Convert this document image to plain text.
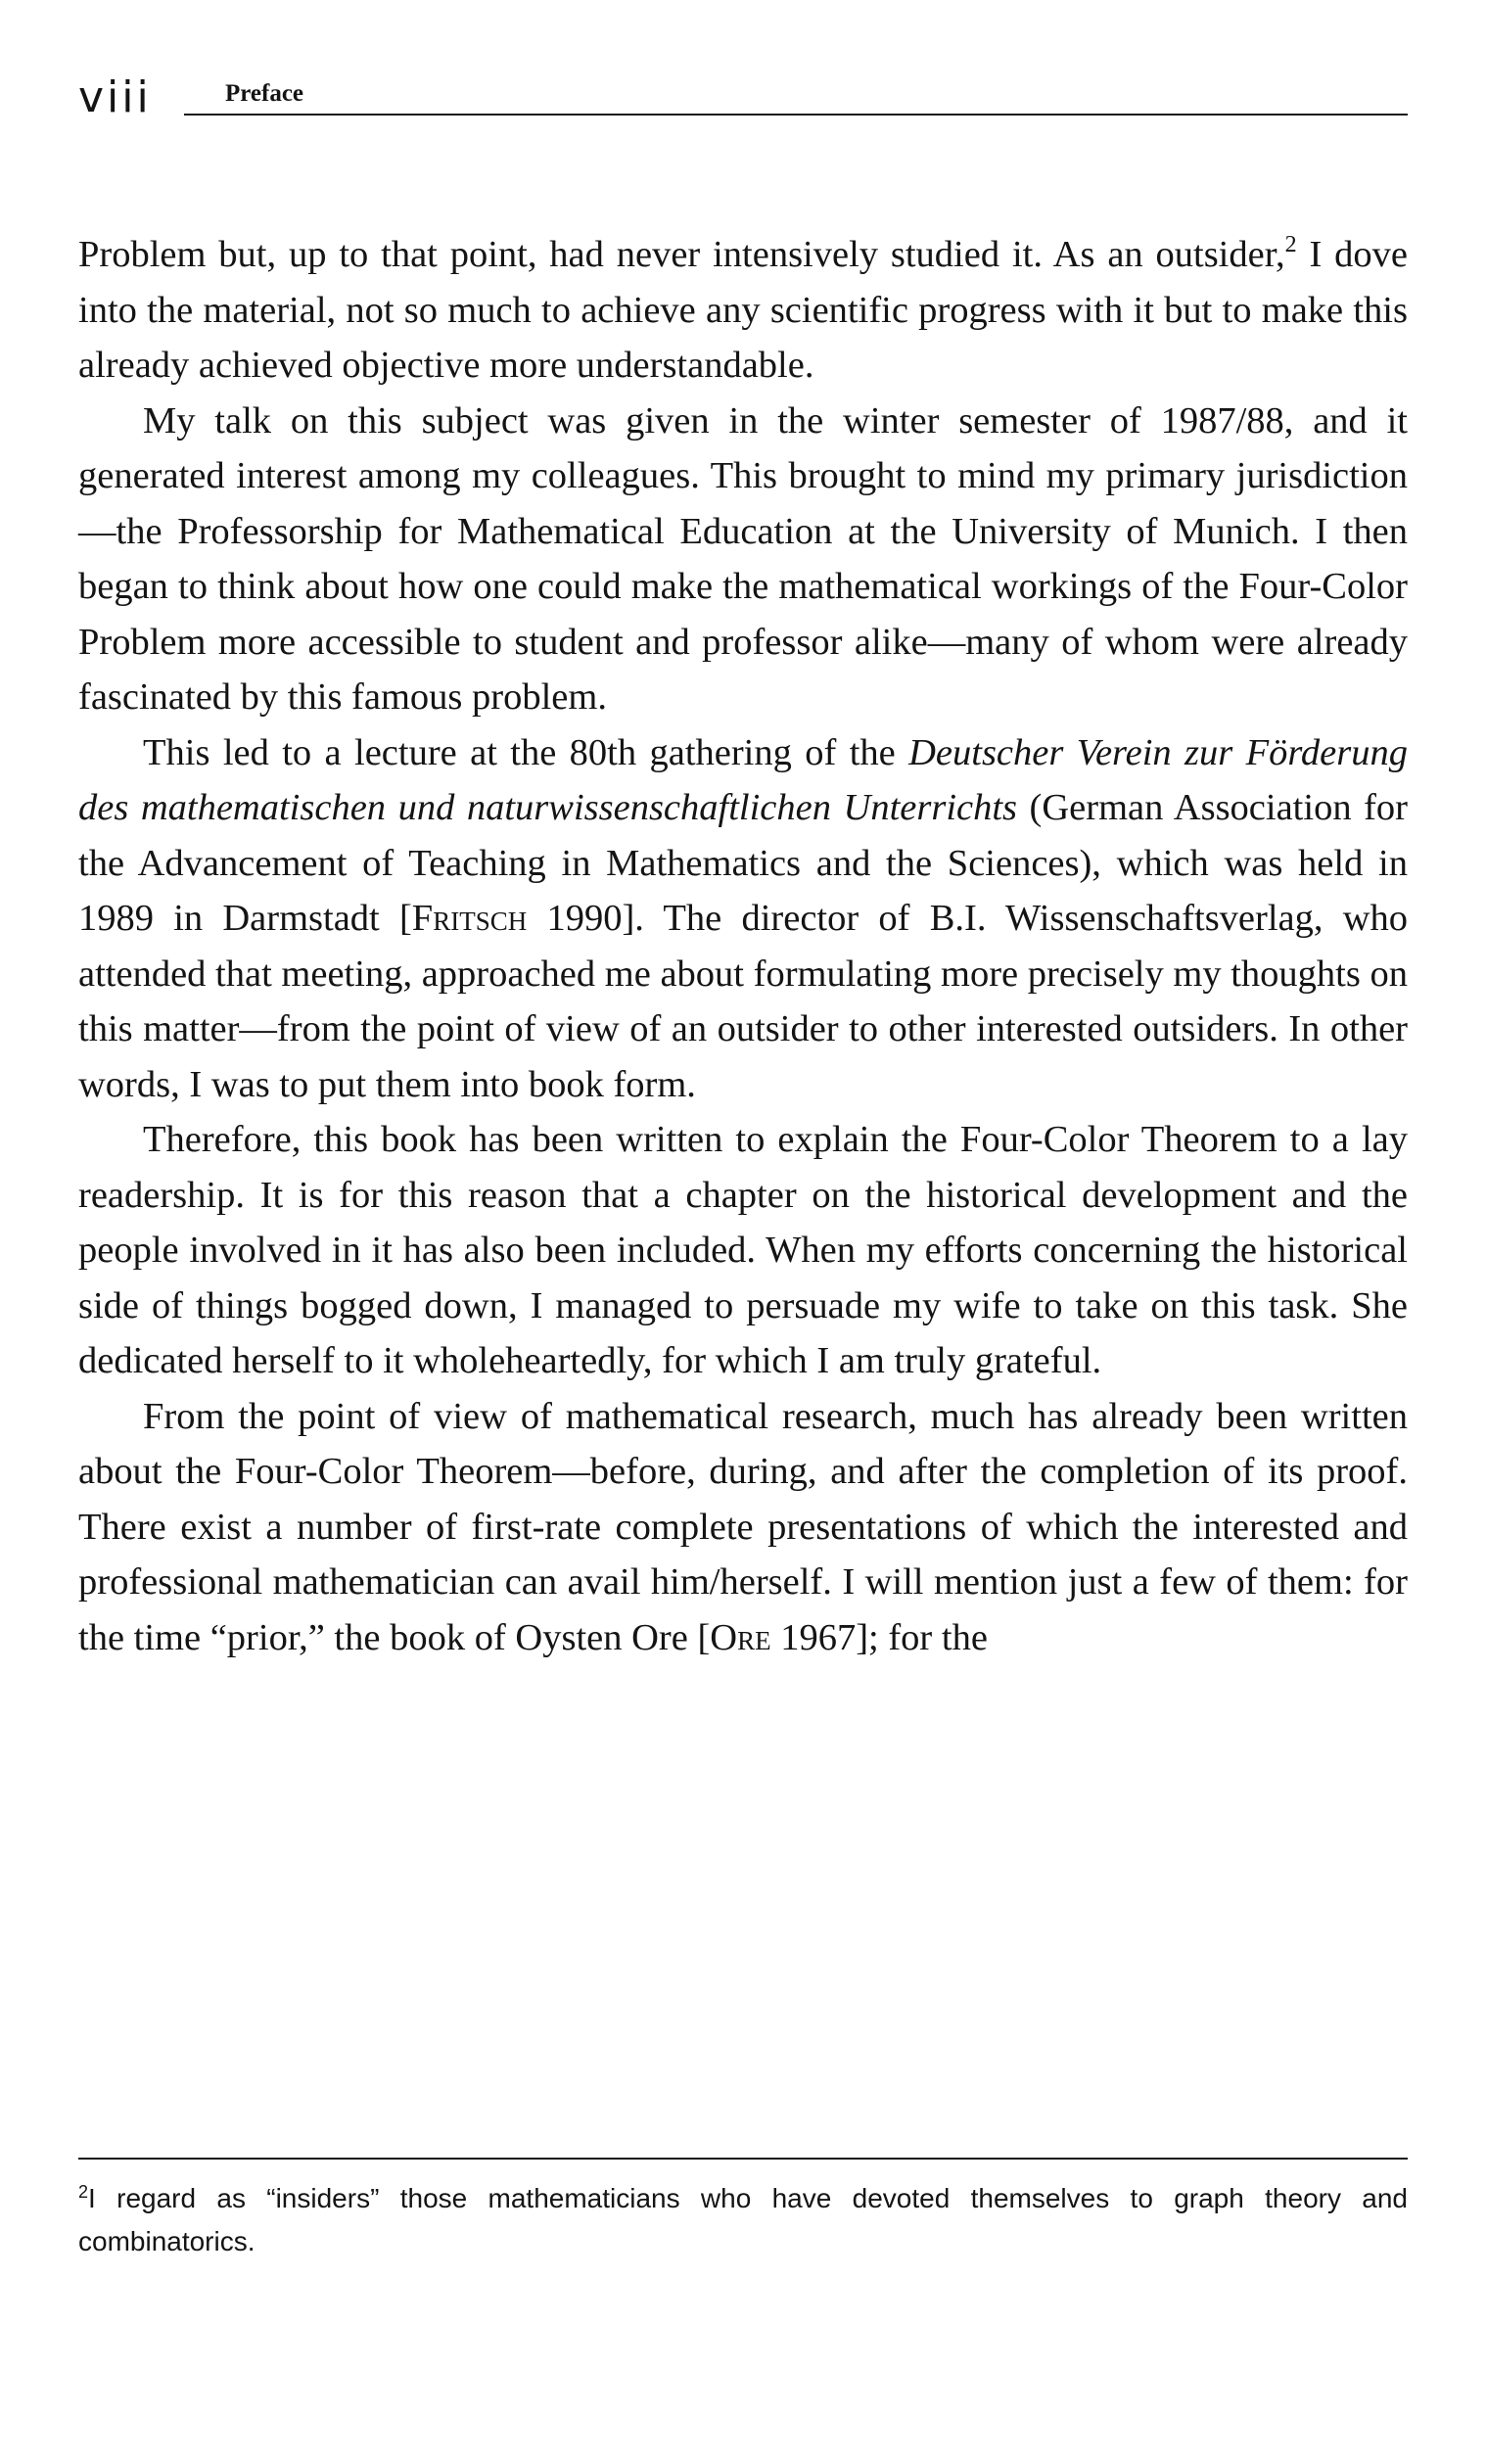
viii	Preface

Problem but, up to that point, had never intensively studied it. As an outsider,$^2$ I dove into the material, not so much to achieve any scientific progress with it but to make this already achieved objective more understandable.

My talk on this subject was given in the winter semester of 1987/88, and it generated interest among my colleagues. This brought to mind my primary jurisdiction—the Professorship for Mathematical Education at the University of Munich. I then began to think about how one could make the mathematical workings of the Four-Color Problem more accessible to student and professor alike—many of whom were already fascinated by this famous problem.

This led to a lecture at the 80th gathering of the Deutscher Verein zur Förderung des mathematischen und naturwissenschaftlichen Unterrichts (German Association for the Advancement of Teaching in Mathematics and the Sciences), which was held in 1989 in Darmstadt [Fritsch 1990]. The director of B.I. Wissenschaftsverlag, who attended that meeting, approached me about formulating more precisely my thoughts on this matter—from the point of view of an outsider to other interested outsiders. In other words, I was to put them into book form.

Therefore, this book has been written to explain the Four-Color Theorem to a lay readership. It is for this reason that a chapter on the historical development and the people involved in it has also been included. When my efforts concerning the historical side of things bogged down, I managed to persuade my wife to take on this task. She dedicated herself to it wholeheartedly, for which I am truly grateful.

From the point of view of mathematical research, much has already been written about the Four-Color Theorem—before, during, and after the completion of its proof. There exist a number of first-rate complete presentations of which the interested and professional mathematician can avail him/herself. I will mention just a few of them: for the time “prior,” the book of Oysten Ore [Ore 1967]; for the

$^2$I regard as “insiders” those mathematicians who have devoted themselves to graph theory and combinatorics.
